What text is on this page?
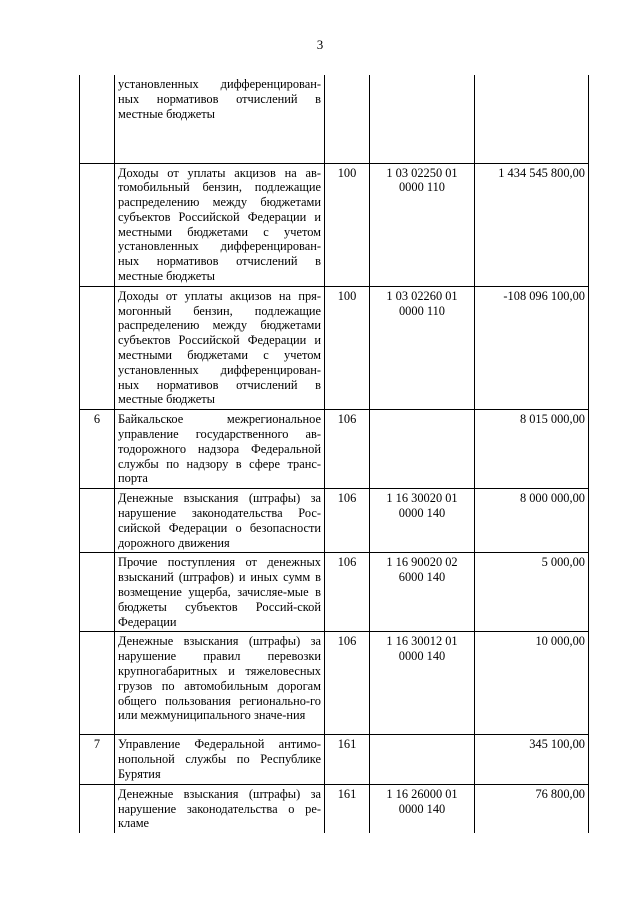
3
	установленных дифференцирован-ных нормативов отчислений в местные бюджеты			
	Доходы от уплаты акцизов на ав-томобильный бензин, подлежащие распределению между бюджетами субъектов Российской Федерации и местными бюджетами с учетом установленных дифференцирован-ных нормативов отчислений в местные бюджеты	100	1 03 02250 01 0000 110	1 434 545 800,00
	Доходы от уплаты акцизов на пря-могонный бензин, подлежащие распределению между бюджетами субъектов Российской Федерации и местными бюджетами с учетом установленных дифференцирован-ных нормативов отчислений в местные бюджеты	100	1 03 02260 01 0000 110	-108 096 100,00
6	Байкальское межрегиональное управление государственного ав-тодорожного надзора Федеральной службы по надзору в сфере транс-порта	106		8 015 000,00
	Денежные взыскания (штрафы) за нарушение законодательства Рос-сийской Федерации о безопасности дорожного движения	106	1 16 30020 01 0000 140	8 000 000,00
	Прочие поступления от денежных взысканий (штрафов) и иных сумм в возмещение ущерба, зачисляе-мые в бюджеты субъектов Россий-ской Федерации	106	1 16 90020 02 6000 140	5 000,00
	Денежные взыскания (штрафы) за нарушение правил перевозки крупногабаритных и тяжеловесных грузов по автомобильным дорогам общего пользования регионально-го или межмуниципального значе-ния	106	1 16 30012 01 0000 140	10 000,00
7	Управление Федеральной антимо-нопольной службы по Республике Бурятия	161		345 100,00
	Денежные взыскания (штрафы) за нарушение законодательства о ре-кламе	161	1 16 26000 01 0000 140	76 800,00
